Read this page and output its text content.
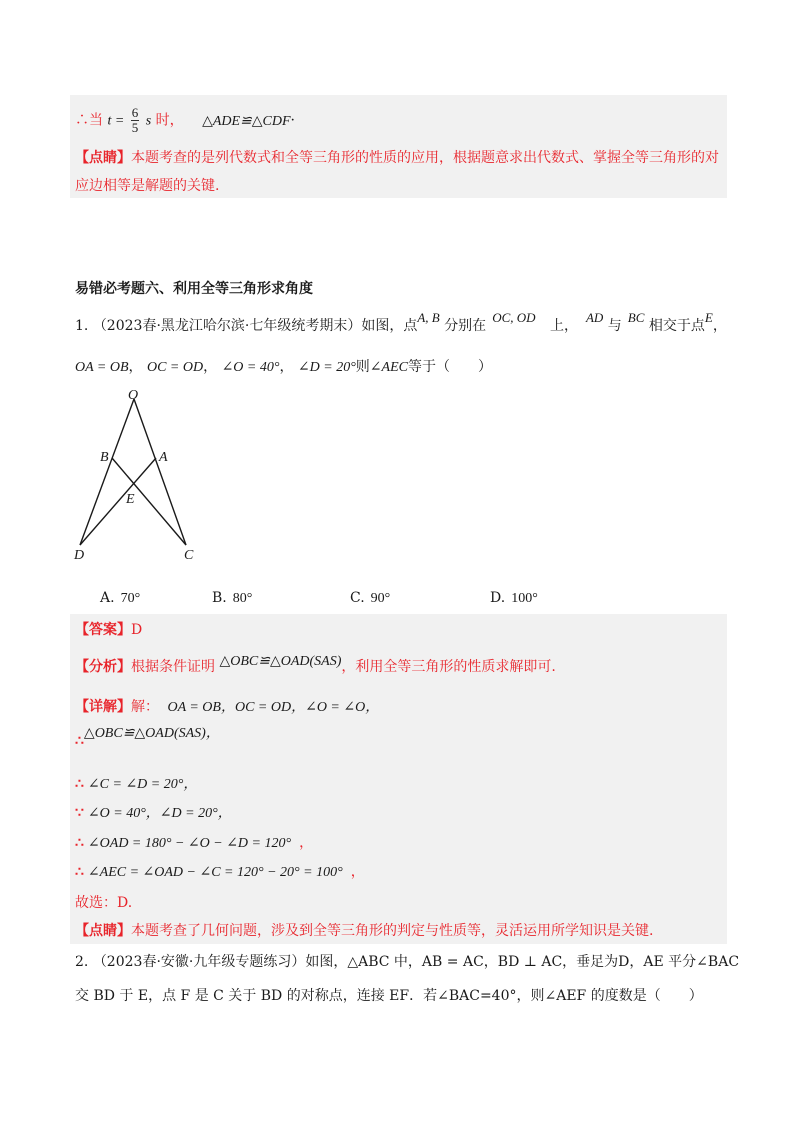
∴当 $t = \frac{6}{5}$ s 时， △ADE≌△CDF·
【点睛】本题考查的是列代数式和全等三角形的性质的应用，根据题意求出代数式、掌握全等三角形的对
应边相等是解题的关键.
易错必考题六、利用全等三角形求角度
1. （2023春·黑龙江哈尔滨·七年级统考期末）如图，点A, B 分别在OC, OD 上，AD 与BC 相交于点E，
OA = OB， OC = OD， ∠O = 40°， ∠D = 20°则∠AEC等于（　　）
O
B	A
E
D	C
A. 70°	B. 80°	C. 90°	D. 100°
【答案】D
【分析】根据条件证明 △OBC≌△OAD(SAS)，利用全等三角形的性质求解即可.
【详解】解： OA = OB，OC = OD，∠O = ∠O，
∴△OBC≌△OAD(SAS)，
∴ ∠C = ∠D = 20°，
∵ ∠O = 40°，∠D = 20°，
∴ ∠OAD = 180° − ∠O − ∠D = 120° ，
∴ ∠AEC = ∠OAD − ∠C = 120° − 20° = 100° ，
故选：D.
【点睛】本题考查了几何问题，涉及到全等三角形的判定与性质等，灵活运用所学知识是关键.
2. （2023春·安徽·九年级专题练习）如图，△ABC 中，AB = AC，BD ⊥ AC，垂足为D，AE 平分∠BAC
交 BD 于 E，点 F 是 C 关于 BD 的对称点，连接 EF．若∠BAC=40°，则∠AEF 的度数是（　　）
